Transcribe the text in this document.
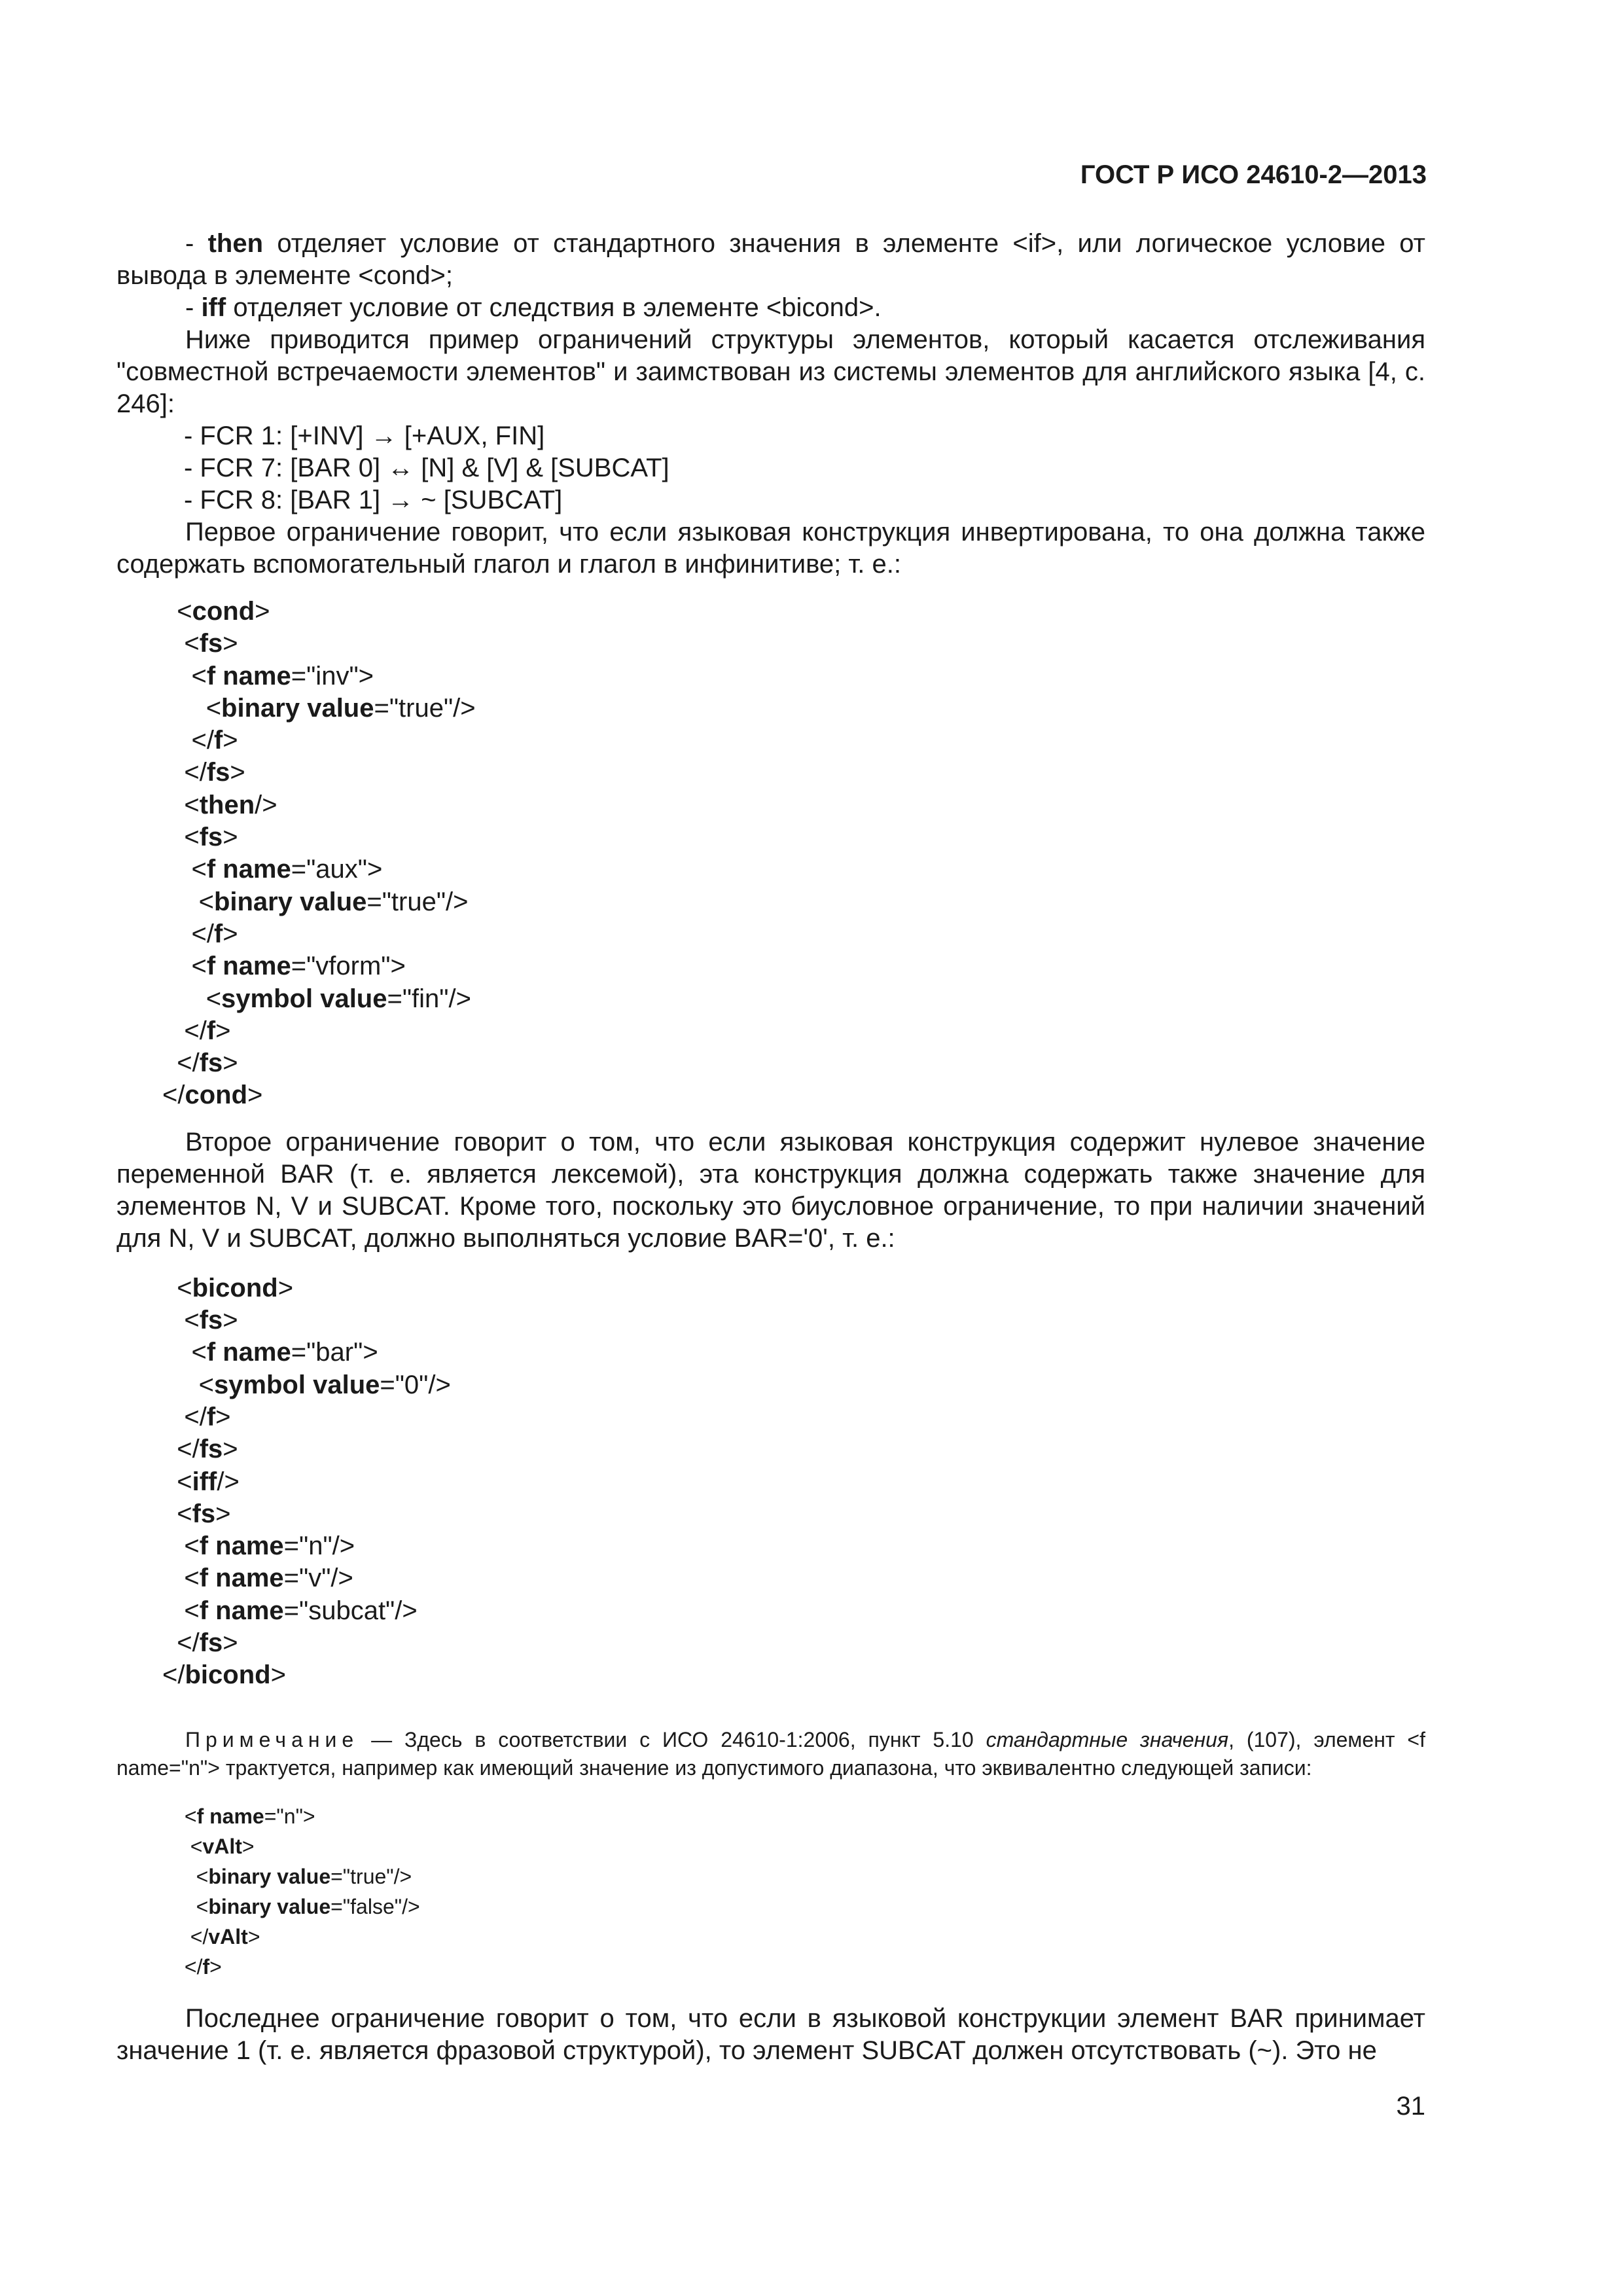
ГОСТ Р ИСО 24610-2—2013

- then отделяет условие от стандартного значения в элементе <if>, или логическое условие от вывода в элементе <cond>;

- iff отделяет условие от следствия в элементе <bicond>.

Ниже приводится пример ограничений структуры элементов, который касается отслеживания "совместной встречаемости элементов" и заимствован из системы элементов для английского языка [4, с. 246]:

- FCR 1: [+INV] → [+AUX, FIN]

- FCR 7: [BAR 0] ↔ [N] & [V] & [SUBCAT]

- FCR 8: [BAR 1] → ~ [SUBCAT]

Первое ограничение говорит, что если языковая конструкция инвертирована, то она должна также содержать вспомогательный глагол и глагол в инфинитиве; т. е.:

<cond>
<fs>
<f name="inv">
<binary value="true"/>
</f>
</fs>
<then/>
<fs>
<f name="aux">
<binary value="true"/>
</f>
<f name="vform">
<symbol value="fin"/>
</f>
</fs>
</cond>

Второе ограничение говорит о том, что если языковая конструкция содержит нулевое значение переменной BAR (т. е. является лексемой), эта конструкция должна содержать также значение для элементов N, V и SUBCAT. Кроме того, поскольку это биусловное ограничение, то при наличии значений для N, V и SUBCAT, должно выполняться условие BAR='0', т. е.:

<bicond>
<fs>
<f name="bar">
<symbol value="0"/>
</f>
</fs>
<iff/>
<fs>
<f name="n"/>
<f name="v"/>
<f name="subcat"/>
</fs>
</bicond>

Примечание — Здесь в соответствии с ИСО 24610-1:2006, пункт 5.10 стандартные значения, (107), элемент <f name="n"> трактуется, например как имеющий значение из допустимого диапазона, что эквивалентно следующей записи:

<f name="n">
<vAlt>
<binary value="true"/>
<binary value="false"/>
</vAlt>
</f>

Последнее ограничение говорит о том, что если в языковой конструкции элемент BAR принимает значение 1 (т. е. является фразовой структурой), то элемент SUBCAT должен отсутствовать (~). Это не

31
